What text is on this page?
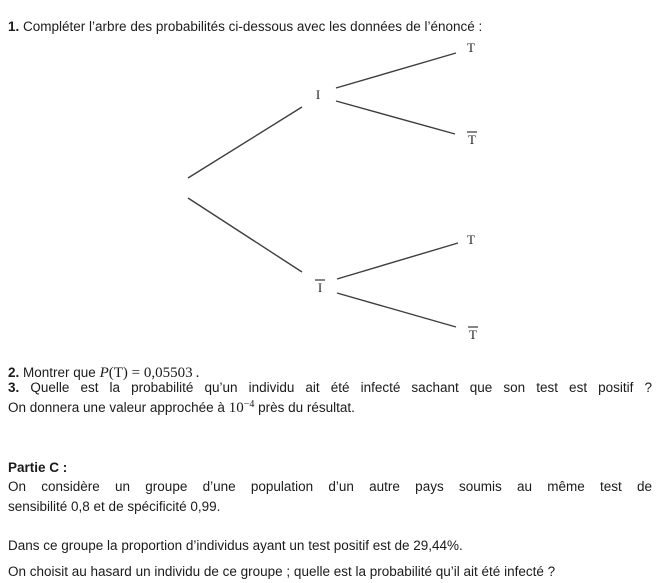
I
I
T
T
T
T

1. Compléter l’arbre des probabilités ci-dessous avec les données de l’énoncé :

2. Montrer que P(T) = 0,05503 .

3. Quelle est la probabilité qu’un individu ait été infecté sachant que son test est positif ?
On donnera une valeur approchée à $10^{-4}$ près du résultat.

Partie C :

On considère un groupe d’une population d’un autre pays soumis au même test de
sensibilité 0,8 et de spécificité 0,99.

Dans ce groupe la proportion d’individus ayant un test positif est de 29,44%.

On choisit au hasard un individu de ce groupe ; quelle est la probabilité qu’il ait été infecté ?
